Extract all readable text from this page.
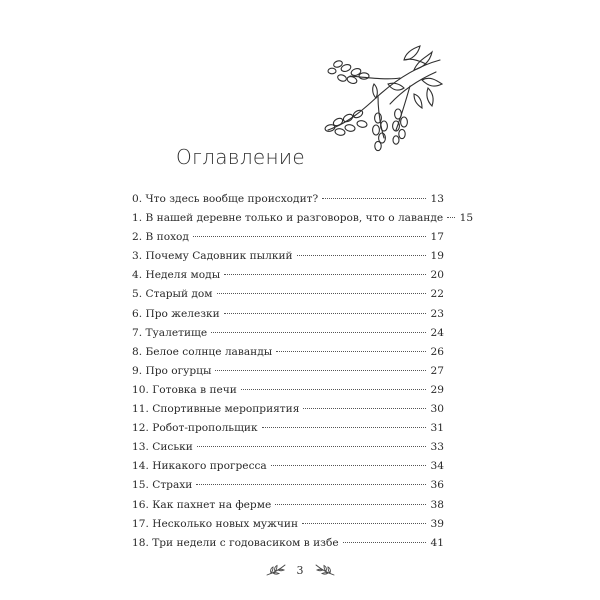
Оглавление
0. Что здесь вообще происходит?	13
1. В нашей деревне только и разговоров, что о лаванде 15
2. В поход	17
3. Почему Садовник пылкий	19
4. Неделя моды	20
5. Старый дом	22
6. Про железки	23
7. Туалетище	24
8. Белое солнце лаванды	26
9. Про огурцы	27
10. Готовка в печи	29
11. Спортивные мероприятия	30
12. Робот-пропольщик	31
13. Сиськи	33
14. Никакого прогресса	34
15. Страхи	36
16. Как пахнет на ферме	38
17. Несколько новых мужчин	39
18. Три недели с годовасиком в избе	41
3
